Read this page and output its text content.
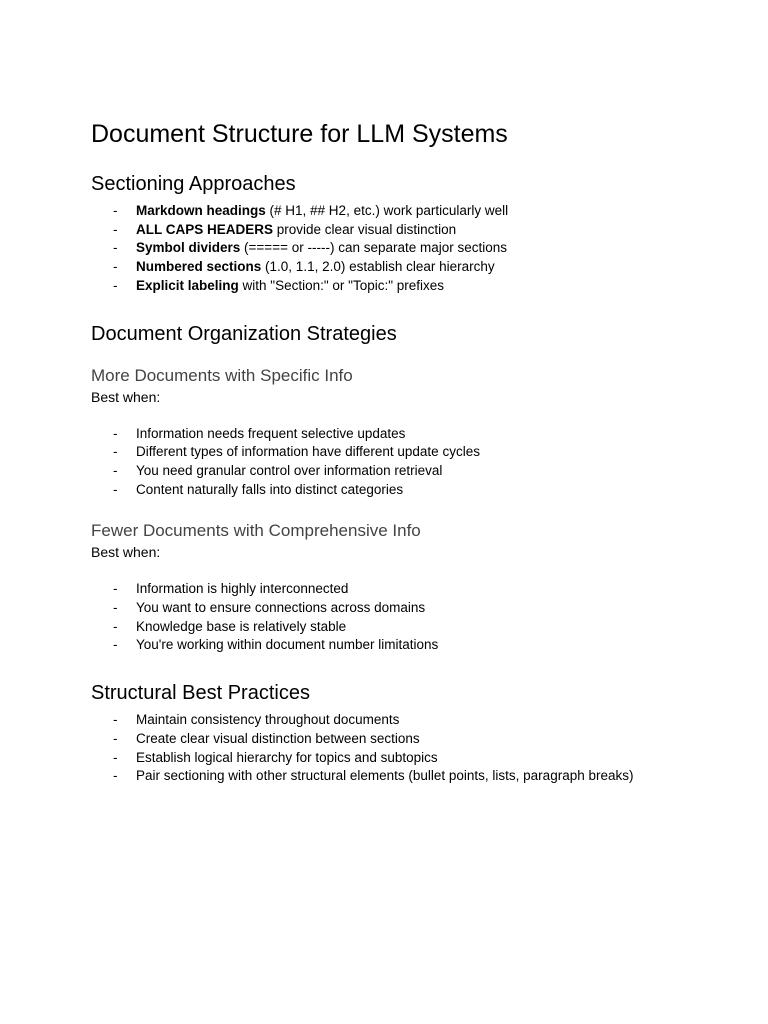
Document Structure for LLM Systems
Sectioning Approaches
- Markdown headings (# H1, ## H2, etc.) work particularly well
- ALL CAPS HEADERS provide clear visual distinction
- Symbol dividers (===== or -----) can separate major sections
- Numbered sections (1.0, 1.1, 2.0) establish clear hierarchy
- Explicit labeling with "Section:" or "Topic:" prefixes
Document Organization Strategies
More Documents with Specific Info

Best when:

- Information needs frequent selective updates
- Different types of information have different update cycles
- You need granular control over information retrieval
- Content naturally falls into distinct categories
Fewer Documents with Comprehensive Info

Best when:

- Information is highly interconnected
- You want to ensure connections across domains
- Knowledge base is relatively stable
- You're working within document number limitations
Structural Best Practices
- Maintain consistency throughout documents
- Create clear visual distinction between sections
- Establish logical hierarchy for topics and subtopics
- Pair sectioning with other structural elements (bullet points, lists, paragraph breaks)
